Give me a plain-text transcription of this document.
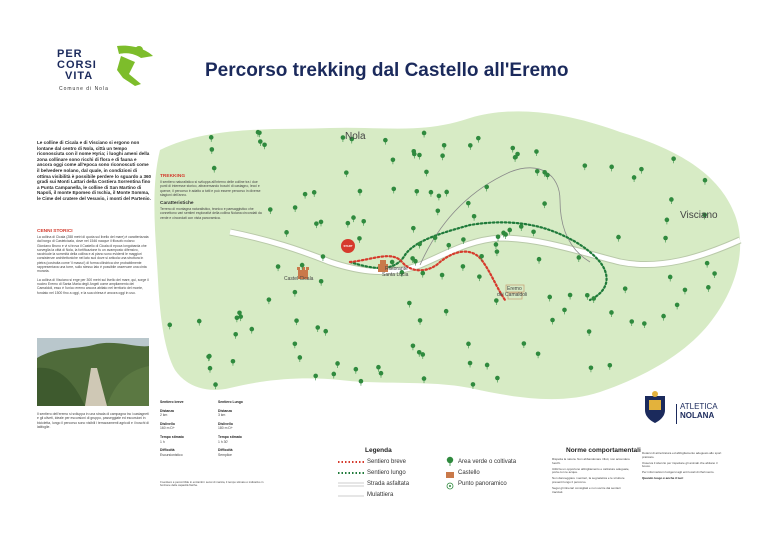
PER
CORSI
VITA
Comune di Nola
Percorso trekking dal Castello all'Eremo
START
Nola
Visciano
Castel Cicala
Ristorante
Santa Lucia
Eremo
dei Camaldoli
Le colline di Cicala e di Visciano si ergono non lontane dal centro di Nola, città un tempo riconosciuta con il nome Hyria; i luoghi ameni della zona collinare sono ricchi di flora e di fauna e ancora oggi come all'epoca sono riconoscuti come il belvedere nolano, dal quale, in condizioni di ottima visibilità è possibile perdere lo sguardo a 360 gradi sui Monti Lattari della Costiera Sorrentina fino a Punta Campanella, le colline di San Martino di Napoli, il monte Epomeo di Ischia, il Monte Somma, le Cime del cratere del Vesuvio, i monti del Partenio.
CENNI STORICI
La collina di Cicala (288 metri di quota sul livello del mare) è caratterizzata dal borgo di Castelcicala, dove nel 1546 nacque il filosofo nolano Giordano Bruno e vi si trova il Castello di Cicala di epoca longobarda che sorveglia la città di Nola, la fortificazione fu un avamposto difensivo, racchiude la sommità della collina e al piano sono evidenti le maggiori consistenze architettoniche nel lato sud dove si articola una struttura in pietra (costruita come 'il masso') di forma cilindrica che probabilmente rappresentava una torre, sullo stesso lato è possibile osservare una cinta muraria.
La collina di Visciano si erge per 300 metri sul livello del mare, qui, sorge il nucleo Eremo di Santa Maria degli Angeli come ampliamento dei Camaldoli, esso è l'unico eremo ancora abitato nel territorio del monte, fondato nel 1500 fino a oggi, e la sua chiesa è ancora oggi in uso.
TREKKING
Il sentiero naturalistico si sviluppa all'interno delle colline tra i due punti di interesse storico, attraversando boschi di castagno, lecci e querce, il percorso è adatto a tutti e può essere percorso in diverse stagioni dell'anno.
Caratteristiche
Terreno di montagna naturalistico, tecnico e paesaggistico che connettono vari sentieri esplorativi della collina Nolana circondati da verde e circondati con vista panoramica.
Il sentiero dell'eremo si sviluppa in una strada di campagna tra i castagneti e gli uliveti, ideale per escursioni di gruppo, passeggiate ed escursioni in bicicletta, lungo il percorso sono visibili i terrazzamenti agricoli e i boschi di latifoglie.
Sentiero breve

Distanza
2 km

Dislivello
160 m D+

Tempo stimato
1 h

Difficoltà
Escursionistico
Sentiero Lungo

Distanza
3 km

Dislivello
180 m D+

Tempo stimato
1 h 30'

Difficoltà
Semplice
Il sentiero è percorribile in entrambi i sensi di marcia, il tempo stimato è indicativo in funzione delle capacità fisiche.
Legenda
Sentiero breve
Sentiero lungo
Strada asfaltata
Mulattiera
Area verde o coltivata
Castello
Punto panoramico
Norme comportamentali
Rispetta la natura. Non abbandonare rifiuti, non accendere fuochi.
Utilizza un opportuno abbigliamento e calzature adeguate, porta con te acqua.
Non danneggiare i sentieri, la segnaletica e le strutture presenti lungo il percorso.
Segui gli itinerari consigliati e non uscire dai sentieri tracciati.
Dotarsi di attrezzatura ed abbigliamento adeguato allo sport praticato.
Osserva il silenzio per rispettare gli animali che abitano il bosco.
Per informazioni rivolgersi agli enti locali di riferimento.
Quando luogo è anche il tuo!
ATLETICA
NOLANA
